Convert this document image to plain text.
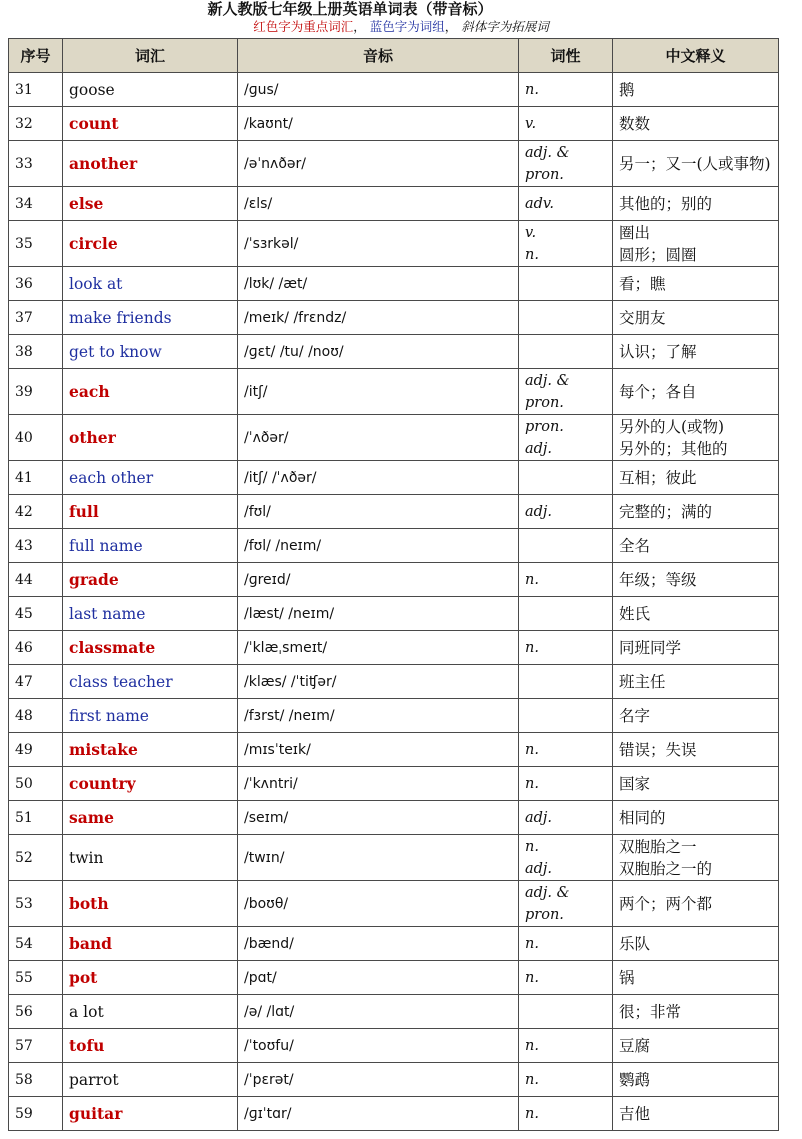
新人教版七年级上册英语单词表（带音标）
红色字为重点词汇， 蓝色字为词组， 斜体字为拓展词
序号	词汇	音标	词性	中文释义
31	goose	/ɡus/	n.	鹅

32	count	/kaʊnt/	v.	数数

33	another	/əˈnʌðər/	adj. &
pron.	另一；又一(人或事物)

34	else	/ɛls/	adv.	其他的；别的

35	circle	/ˈsɜrkəl/	v.
n.	圈出
圆形；圆圈

36	look at	/lʊk/ /æt/		看；瞧

37	make friends	/meɪk/ /frɛndz/		交朋友

38	get to know	/ɡɛt/ /tu/ /noʊ/		认识；了解

39	each	/itʃ/	adj. &
pron.	每个；各自

40	other	/ˈʌðər/	pron.
adj.	另外的人(或物)
另外的；其他的

41	each other	/itʃ/ /ˈʌðər/		互相；彼此

42	full	/fʊl/	adj.	完整的；满的

43	full name	/fʊl/ /neɪm/		全名

44	grade	/ɡreɪd/	n.	年级；等级

45	last name	/læst/ /neɪm/		姓氏

46	classmate	/ˈklæˌsmeɪt/	n.	同班同学

47	class teacher	/klæs/ /ˈtiʧər/		班主任

48	first name	/fɜrst/ /neɪm/		名字

49	mistake	/mɪsˈteɪk/	n.	错误；失误

50	country	/ˈkʌntri/	n.	国家

51	same	/seɪm/	adj.	相同的

52	twin	/twɪn/	n.
adj.	双胞胎之一
双胞胎之一的

53	both	/boʊθ/	adj. &
pron.	两个；两个都

54	band	/bænd/	n.	乐队

55	pot	/pɑt/	n.	锅

56	a lot	/ə/ /lɑt/		很；非常

57	tofu	/ˈtoʊfu/	n.	豆腐

58	parrot	/ˈpɛrət/	n.	鹦鹉

59	guitar	/ɡɪˈtɑr/	n.	吉他
